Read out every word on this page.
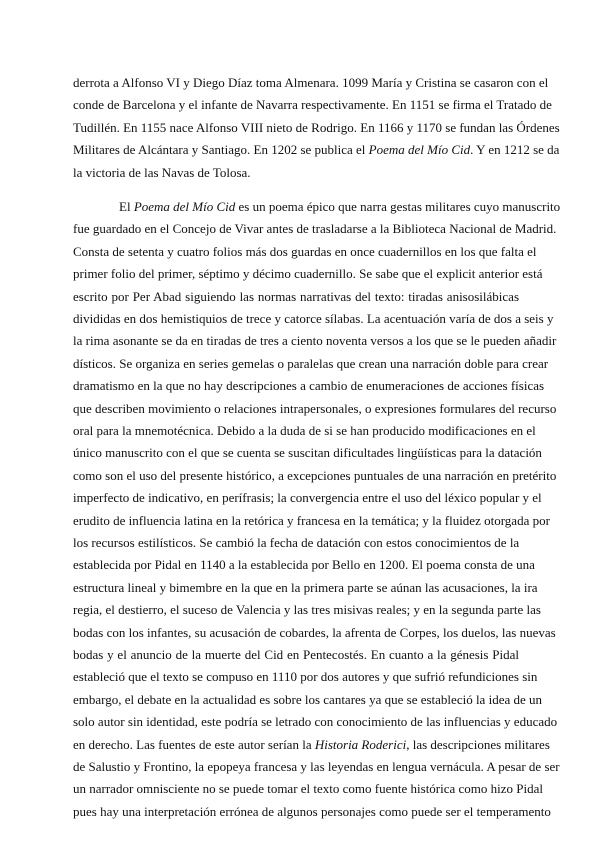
derrota a Alfonso VI y Diego Díaz toma Almenara. 1099 María y Cristina se casaron con el
conde de Barcelona y el infante de Navarra respectivamente. En 1151 se firma el Tratado de
Tudillén. En 1155 nace Alfonso VIII nieto de Rodrigo. En 1166 y 1170 se fundan las Órdenes
Militares de Alcántara y Santiago. En 1202 se publica el Poema del Mío Cid. Y en 1212 se da
la victoria de las Navas de Tolosa.
El Poema del Mío Cid es un poema épico que narra gestas militares cuyo manuscrito
fue guardado en el Concejo de Vivar antes de trasladarse a la Biblioteca Nacional de Madrid.
Consta de setenta y cuatro folios más dos guardas en once cuadernillos en los que falta el
primer folio del primer, séptimo y décimo cuadernillo. Se sabe que el explicit anterior está
escrito por Per Abad siguiendo las normas narrativas del texto: tiradas anisosilábicas
divididas en dos hemistiquios de trece y catorce sílabas. La acentuación varía de dos a seis y
la rima asonante se da en tiradas de tres a ciento noventa versos a los que se le pueden añadir
dísticos. Se organiza en series gemelas o paralelas que crean una narración doble para crear
dramatismo en la que no hay descripciones a cambio de enumeraciones de acciones físicas
que describen movimiento o relaciones intrapersonales, o expresiones formulares del recurso
oral para la mnemotécnica. Debido a la duda de si se han producido modificaciones en el
único manuscrito con el que se cuenta se suscitan dificultades lingüísticas para la datación
como son el uso del presente histórico, a excepciones puntuales de una narración en pretérito
imperfecto de indicativo, en perífrasis; la convergencia entre el uso del léxico popular y el
erudito de influencia latina en la retórica y francesa en la temática; y la fluidez otorgada por
los recursos estilísticos. Se cambió la fecha de datación con estos conocimientos de la
establecida por Pidal en 1140 a la establecida por Bello en 1200. El poema consta de una
estructura lineal y bimembre en la que en la primera parte se aúnan las acusaciones, la ira
regia, el destierro, el suceso de Valencia y las tres misivas reales; y en la segunda parte las
bodas con los infantes, su acusación de cobardes, la afrenta de Corpes, los duelos, las nuevas
bodas y el anuncio de la muerte del Cid en Pentecostés. En cuanto a la génesis Pidal
estableció que el texto se compuso en 1110 por dos autores y que sufrió refundiciones sin
embargo, el debate en la actualidad es sobre los cantares ya que se estableció la idea de un
solo autor sin identidad, este podría se letrado con conocimiento de las influencias y educado
en derecho. Las fuentes de este autor serían la Historia Roderici, las descripciones militares
de Salustio y Frontino, la epopeya francesa y las leyendas en lengua vernácula. A pesar de ser
un narrador omnisciente no se puede tomar el texto como fuente histórica como hizo Pidal
pues hay una interpretación errónea de algunos personajes como puede ser el temperamento
